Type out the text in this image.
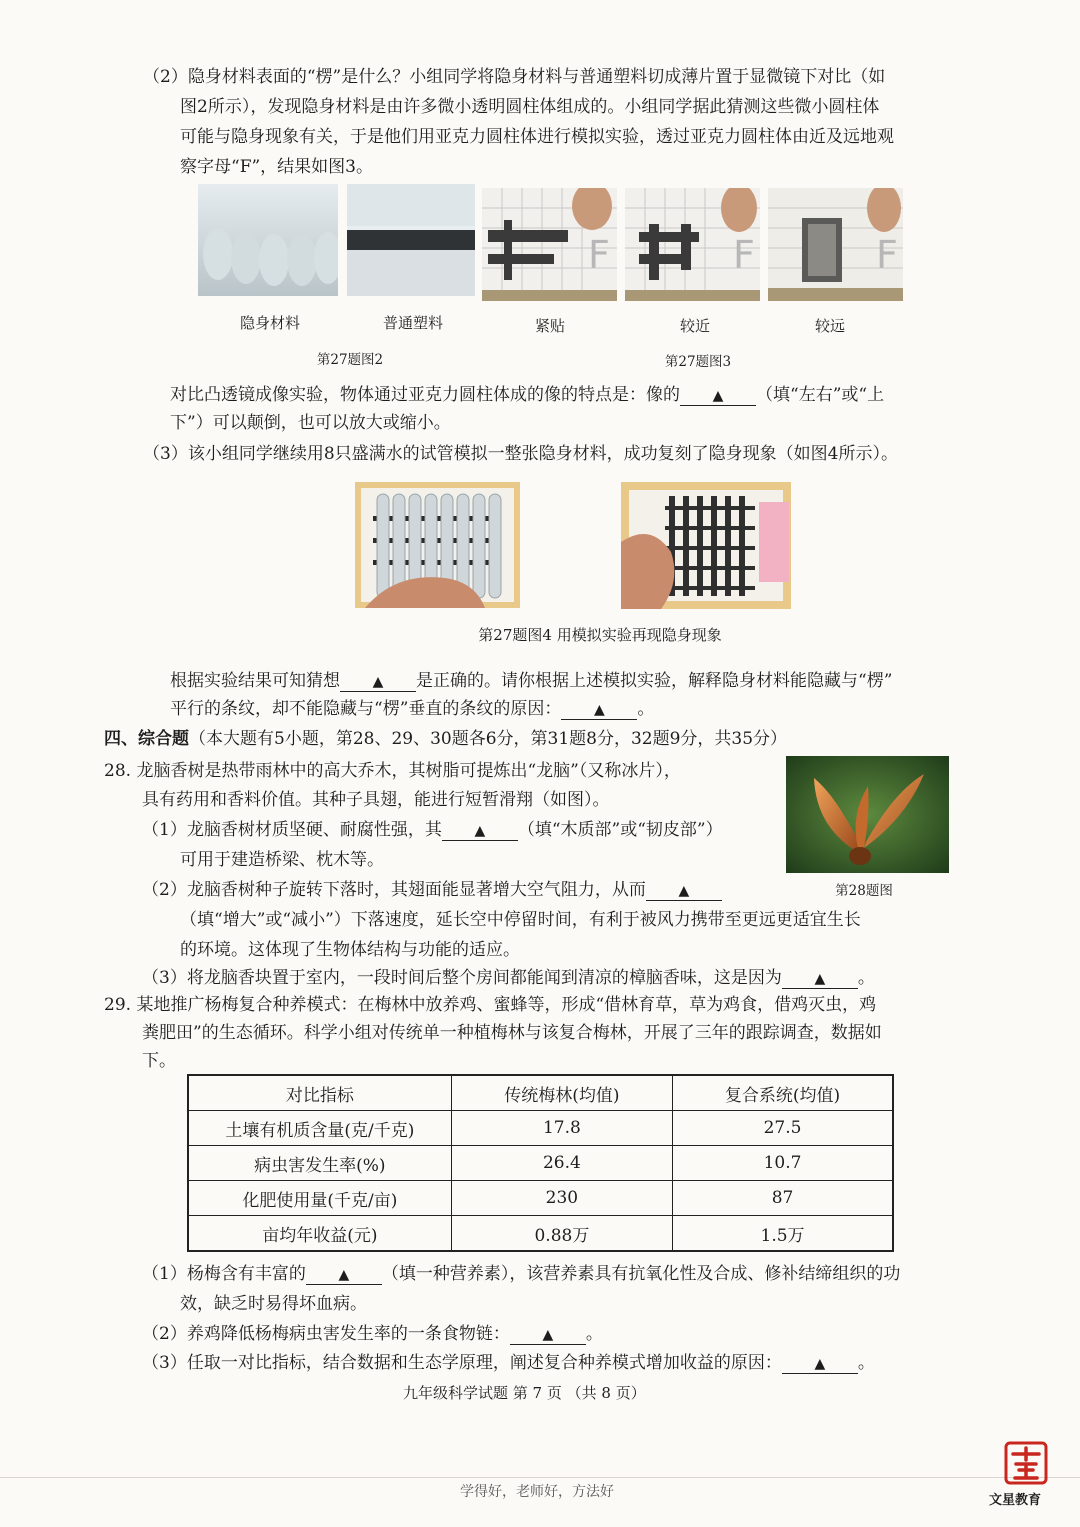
（2）隐身材料表面的“楞”是什么？小组同学将隐身材料与普通塑料切成薄片置于显微镜下对比（如
图2所示），发现隐身材料是由许多微小透明圆柱体组成的。小组同学据此猜测这些微小圆柱体
可能与隐身现象有关，于是他们用亚克力圆柱体进行模拟实验，透过亚克力圆柱体由近及远地观
察字母“F”，结果如图3。
F	F	F
隐身材料	普通塑料	紧贴	较近	较远
第27题图2	第27题图3
对比凸透镜成像实验，物体通过亚克力圆柱体成的像的特点是：像的 ▲ （填“左右”或“上
下”）可以颠倒，也可以放大或缩小。
（3）该小组同学继续用8只盛满水的试管模拟一整张隐身材料，成功复刻了隐身现象（如图4所示）。
第27题图4 用模拟实验再现隐身现象
根据实验结果可知猜想 ▲ 是正确的。请你根据上述模拟实验，解释隐身材料能隐藏与“楞”
平行的条纹，却不能隐藏与“楞”垂直的条纹的原因： ▲ 。
四、综合题（本大题有5小题，第28、29、30题各6分，第31题8分，32题9分，共35分）
28. 龙脑香树是热带雨林中的高大乔木，其树脂可提炼出“龙脑”（又称冰片），
具有药用和香料价值。其种子具翅，能进行短暂滑翔（如图）。
（1）龙脑香树材质坚硬、耐腐性强，其 ▲ （填“木质部”或“韧皮部”）
可用于建造桥梁、枕木等。
（2）龙脑香树种子旋转下落时，其翅面能显著增大空气阻力，从而 ▲
（填“增大”或“减小”）下落速度，延长空中停留时间，有利于被风力携带至更远更适宜生长
的环境。这体现了生物体结构与功能的适应。
（3）将龙脑香块置于室内，一段时间后整个房间都能闻到清凉的樟脑香味，这是因为 ▲ 。
第28题图
29. 某地推广杨梅复合种养模式：在梅林中放养鸡、蜜蜂等，形成“借林育草，草为鸡食，借鸡灭虫，鸡
粪肥田”的生态循环。科学小组对传统单一种植梅林与该复合梅林，开展了三年的跟踪调查，数据如
下。
对比指标	传统梅林(均值)	复合系统(均值)
土壤有机质含量(克/千克)	17.8	27.5
病虫害发生率(%)	26.4	10.7
化肥使用量(千克/亩)	230	87
亩均年收益(元)	0.88万	1.5万
（1）杨梅含有丰富的 ▲ （填一种营养素），该营养素具有抗氧化性及合成、修补结缔组织的功
效，缺乏时易得坏血病。
（2）养鸡降低杨梅病虫害发生率的一条食物链： ▲ 。
（3）任取一对比指标，结合数据和生态学原理，阐述复合种养模式增加收益的原因： ▲ 。
九年级科学试题 第 7 页 （共 8 页）
学得好，老师好，方法好
文星教育
